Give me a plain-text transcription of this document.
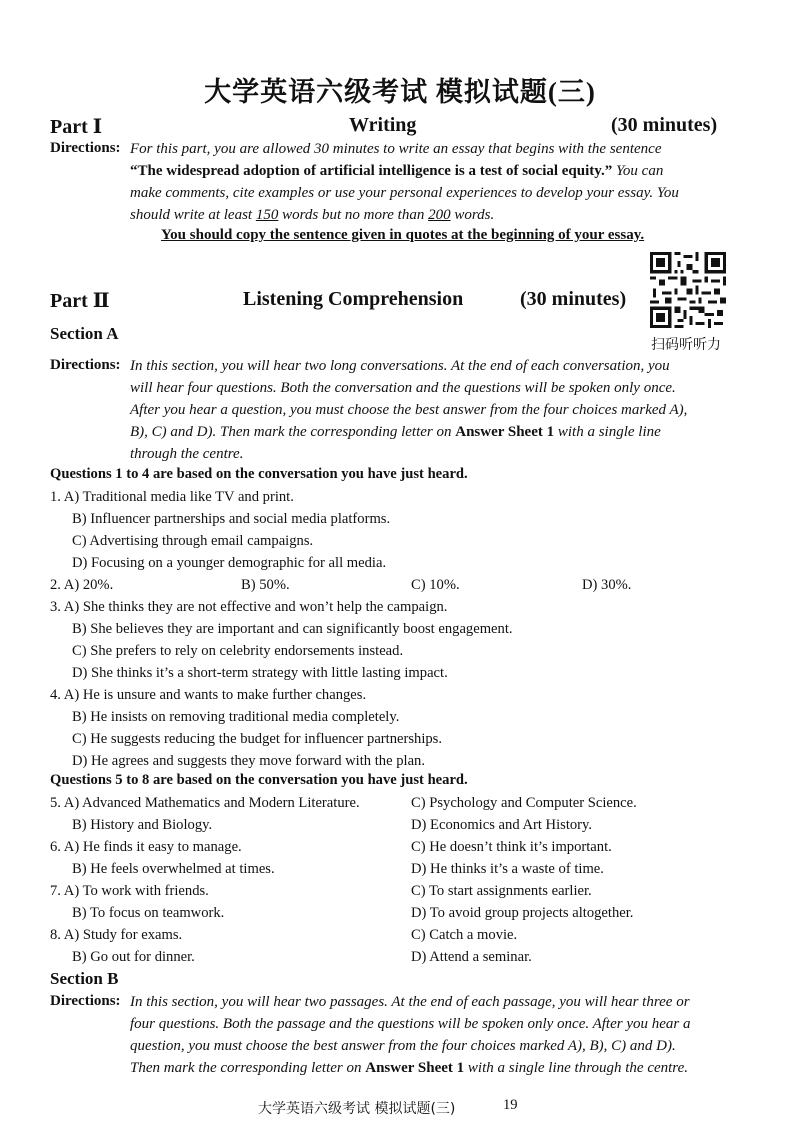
大学英语六级考试 模拟试题(三)
Part Ⅰ	Writing	(30 minutes)
Directions: For this part, you are allowed 30 minutes to write an essay that begins with the sentence
“The widespread adoption of artificial intelligence is a test of social equity.” You can
make comments, cite examples or use your personal experiences to develop your essay. You
should write at least 150 words but no more than 200 words.
You should copy the sentence given in quotes at the beginning of your essay.
Part Ⅱ	Listening Comprehension	(30 minutes)
扫码听听力
Section A
Directions: In this section, you will hear two long conversations. At the end of each conversation, you
will hear four questions. Both the conversation and the questions will be spoken only once.
After you hear a question, you must choose the best answer from the four choices marked A),
B), C) and D). Then mark the corresponding letter on Answer Sheet 1 with a single line
through the centre.
Questions 1 to 4 are based on the conversation you have just heard.
1. A) Traditional media like TV and print.
B) Influencer partnerships and social media platforms.
C) Advertising through email campaigns.
D) Focusing on a younger demographic for all media.
2. A) 20%.	B) 50%.	C) 10%.	D) 30%.
3. A) She thinks they are not effective and won’t help the campaign.
B) She believes they are important and can significantly boost engagement.
C) She prefers to rely on celebrity endorsements instead.
D) She thinks it’s a short-term strategy with little lasting impact.
4. A) He is unsure and wants to make further changes.
B) He insists on removing traditional media completely.
C) He suggests reducing the budget for influencer partnerships.
D) He agrees and suggests they move forward with the plan.
Questions 5 to 8 are based on the conversation you have just heard.
5. A) Advanced Mathematics and Modern Literature.	C) Psychology and Computer Science.
B) History and Biology.	D) Economics and Art History.
6. A) He finds it easy to manage.	C) He doesn’t think it’s important.
B) He feels overwhelmed at times.	D) He thinks it’s a waste of time.
7. A) To work with friends.	C) To start assignments earlier.
B) To focus on teamwork.	D) To avoid group projects altogether.
8. A) Study for exams.	C) Catch a movie.
B) Go out for dinner.	D) Attend a seminar.
Section B
Directions: In this section, you will hear two passages. At the end of each passage, you will hear three or
four questions. Both the passage and the questions will be spoken only once. After you hear a
question, you must choose the best answer from the four choices marked A), B), C) and D).
Then mark the corresponding letter on Answer Sheet 1 with a single line through the centre.
大学英语六级考试 模拟试题(三)	19
